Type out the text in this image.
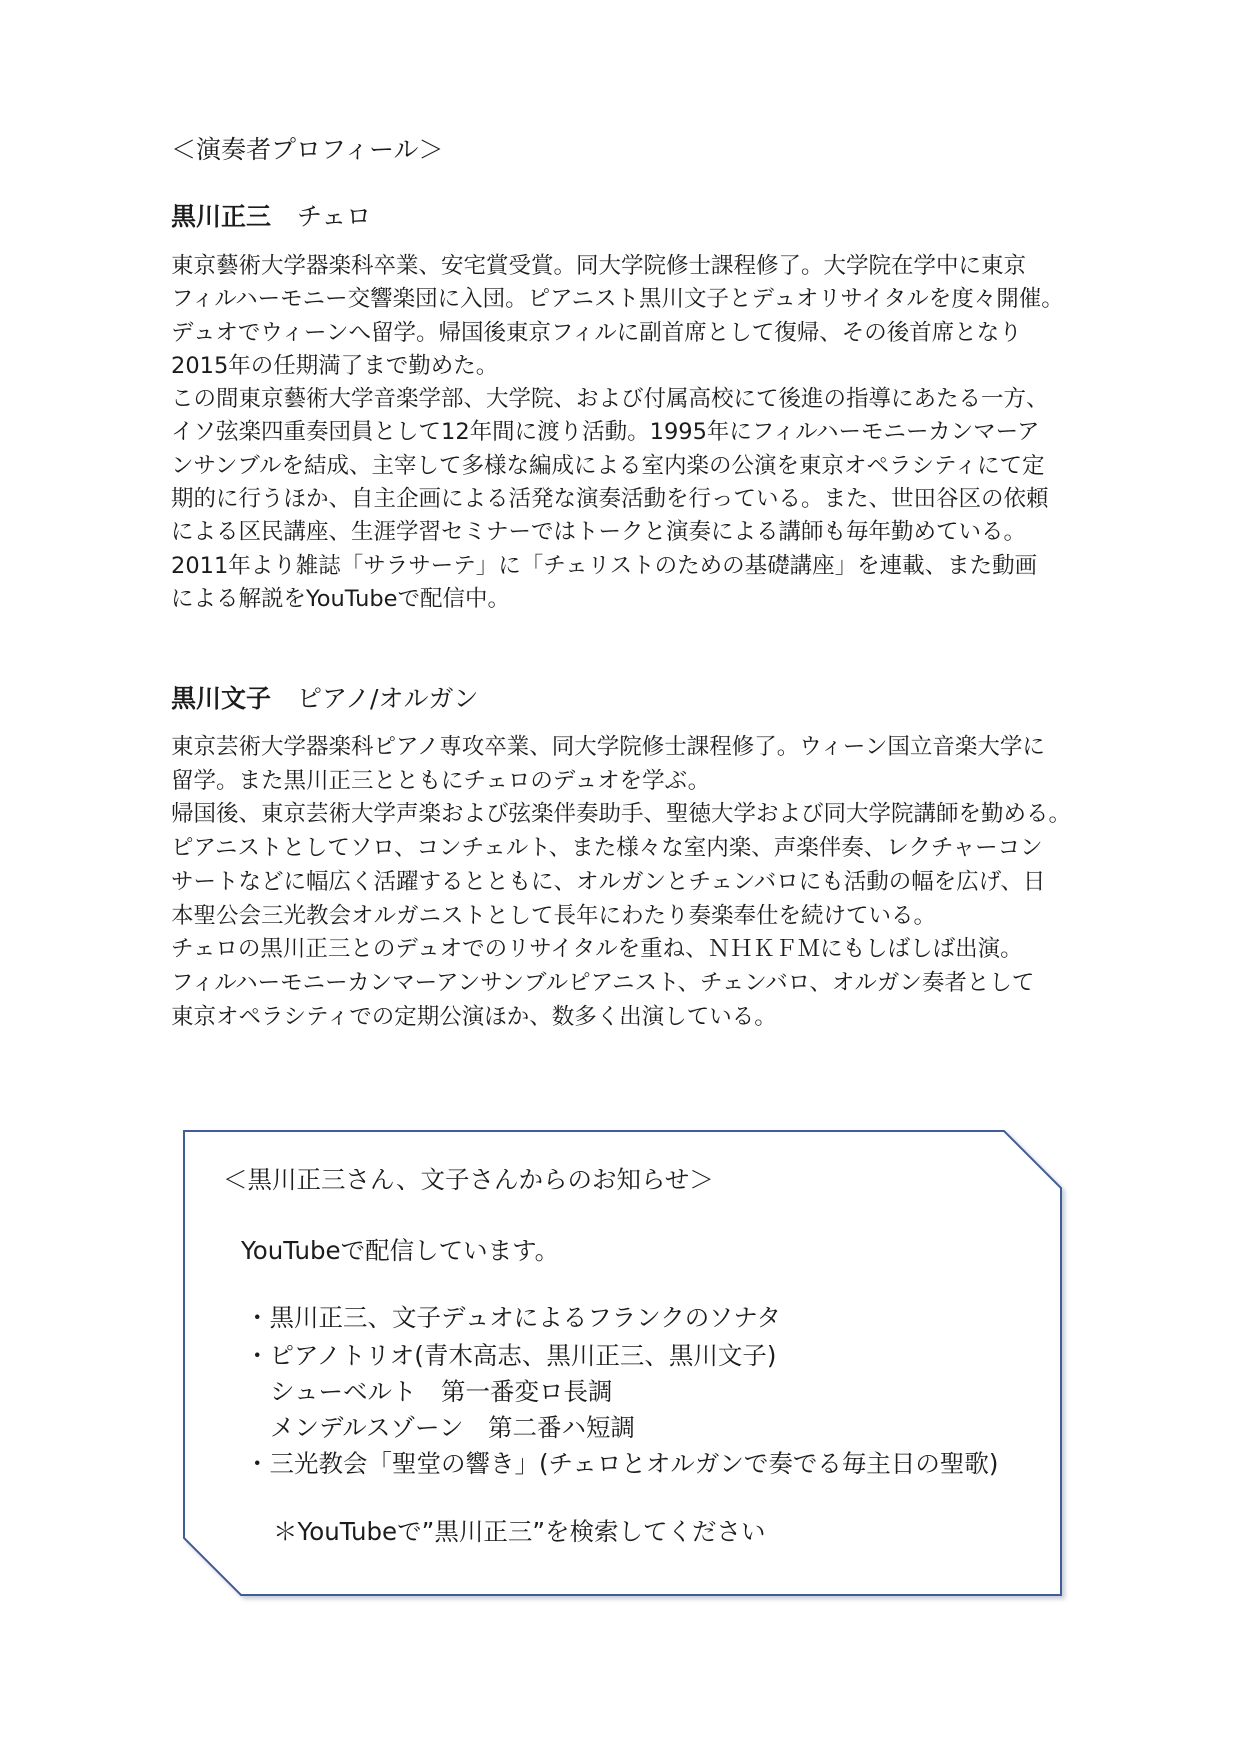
＜演奏者プロフィール＞
黒川正三 チェロ
東京藝術大学器楽科卒業、安宅賞受賞。同大学院修士課程修了。大学院在学中に東京
フィルハーモニー交響楽団に入団。ピアニスト黒川文子とデュオリサイタルを度々開催。
デュオでウィーンへ留学。帰国後東京フィルに副首席として復帰、その後首席となり
2015年の任期満了まで勤めた。
この間東京藝術大学音楽学部、大学院、および付属高校にて後進の指導にあたる一方、
イソ弦楽四重奏団員として12年間に渡り活動。1995年にフィルハーモニーカンマーア
ンサンブルを結成、主宰して多様な編成による室内楽の公演を東京オペラシティにて定
期的に行うほか、自主企画による活発な演奏活動を行っている。また、世田谷区の依頼
による区民講座、生涯学習セミナーではトークと演奏による講師も毎年勤めている。
2011年より雑誌「サラサーテ」に「チェリストのための基礎講座」を連載、また動画
による解説をYouTubeで配信中。
黒川文子 ピアノ/オルガン
東京芸術大学器楽科ピアノ専攻卒業、同大学院修士課程修了。ウィーン国立音楽大学に
留学。また黒川正三とともにチェロのデュオを学ぶ。
帰国後、東京芸術大学声楽および弦楽伴奏助手、聖徳大学および同大学院講師を勤める。
ピアニストとしてソロ、コンチェルト、また様々な室内楽、声楽伴奏、レクチャーコン
サートなどに幅広く活躍するとともに、オルガンとチェンバロにも活動の幅を広げ、日
本聖公会三光教会オルガニストとして長年にわたり奏楽奉仕を続けている。
チェロの黒川正三とのデュオでのリサイタルを重ね、ＮＨＫＦＭにもしばしば出演。
フィルハーモニーカンマーアンサンブルピアニスト、チェンバロ、オルガン奏者として
東京オペラシティでの定期公演ほか、数多く出演している。
＜黒川正三さん、文子さんからのお知らせ＞
YouTubeで配信しています。
・黒川正三、文子デュオによるフランクのソナタ
・ピアノトリオ(青木高志、黒川正三、黒川文子)
シューベルト　第一番変ロ長調
メンデルスゾーン　第二番ハ短調
・三光教会「聖堂の響き」(チェロとオルガンで奏でる毎主日の聖歌)
＊YouTubeで”黒川正三”を検索してください
